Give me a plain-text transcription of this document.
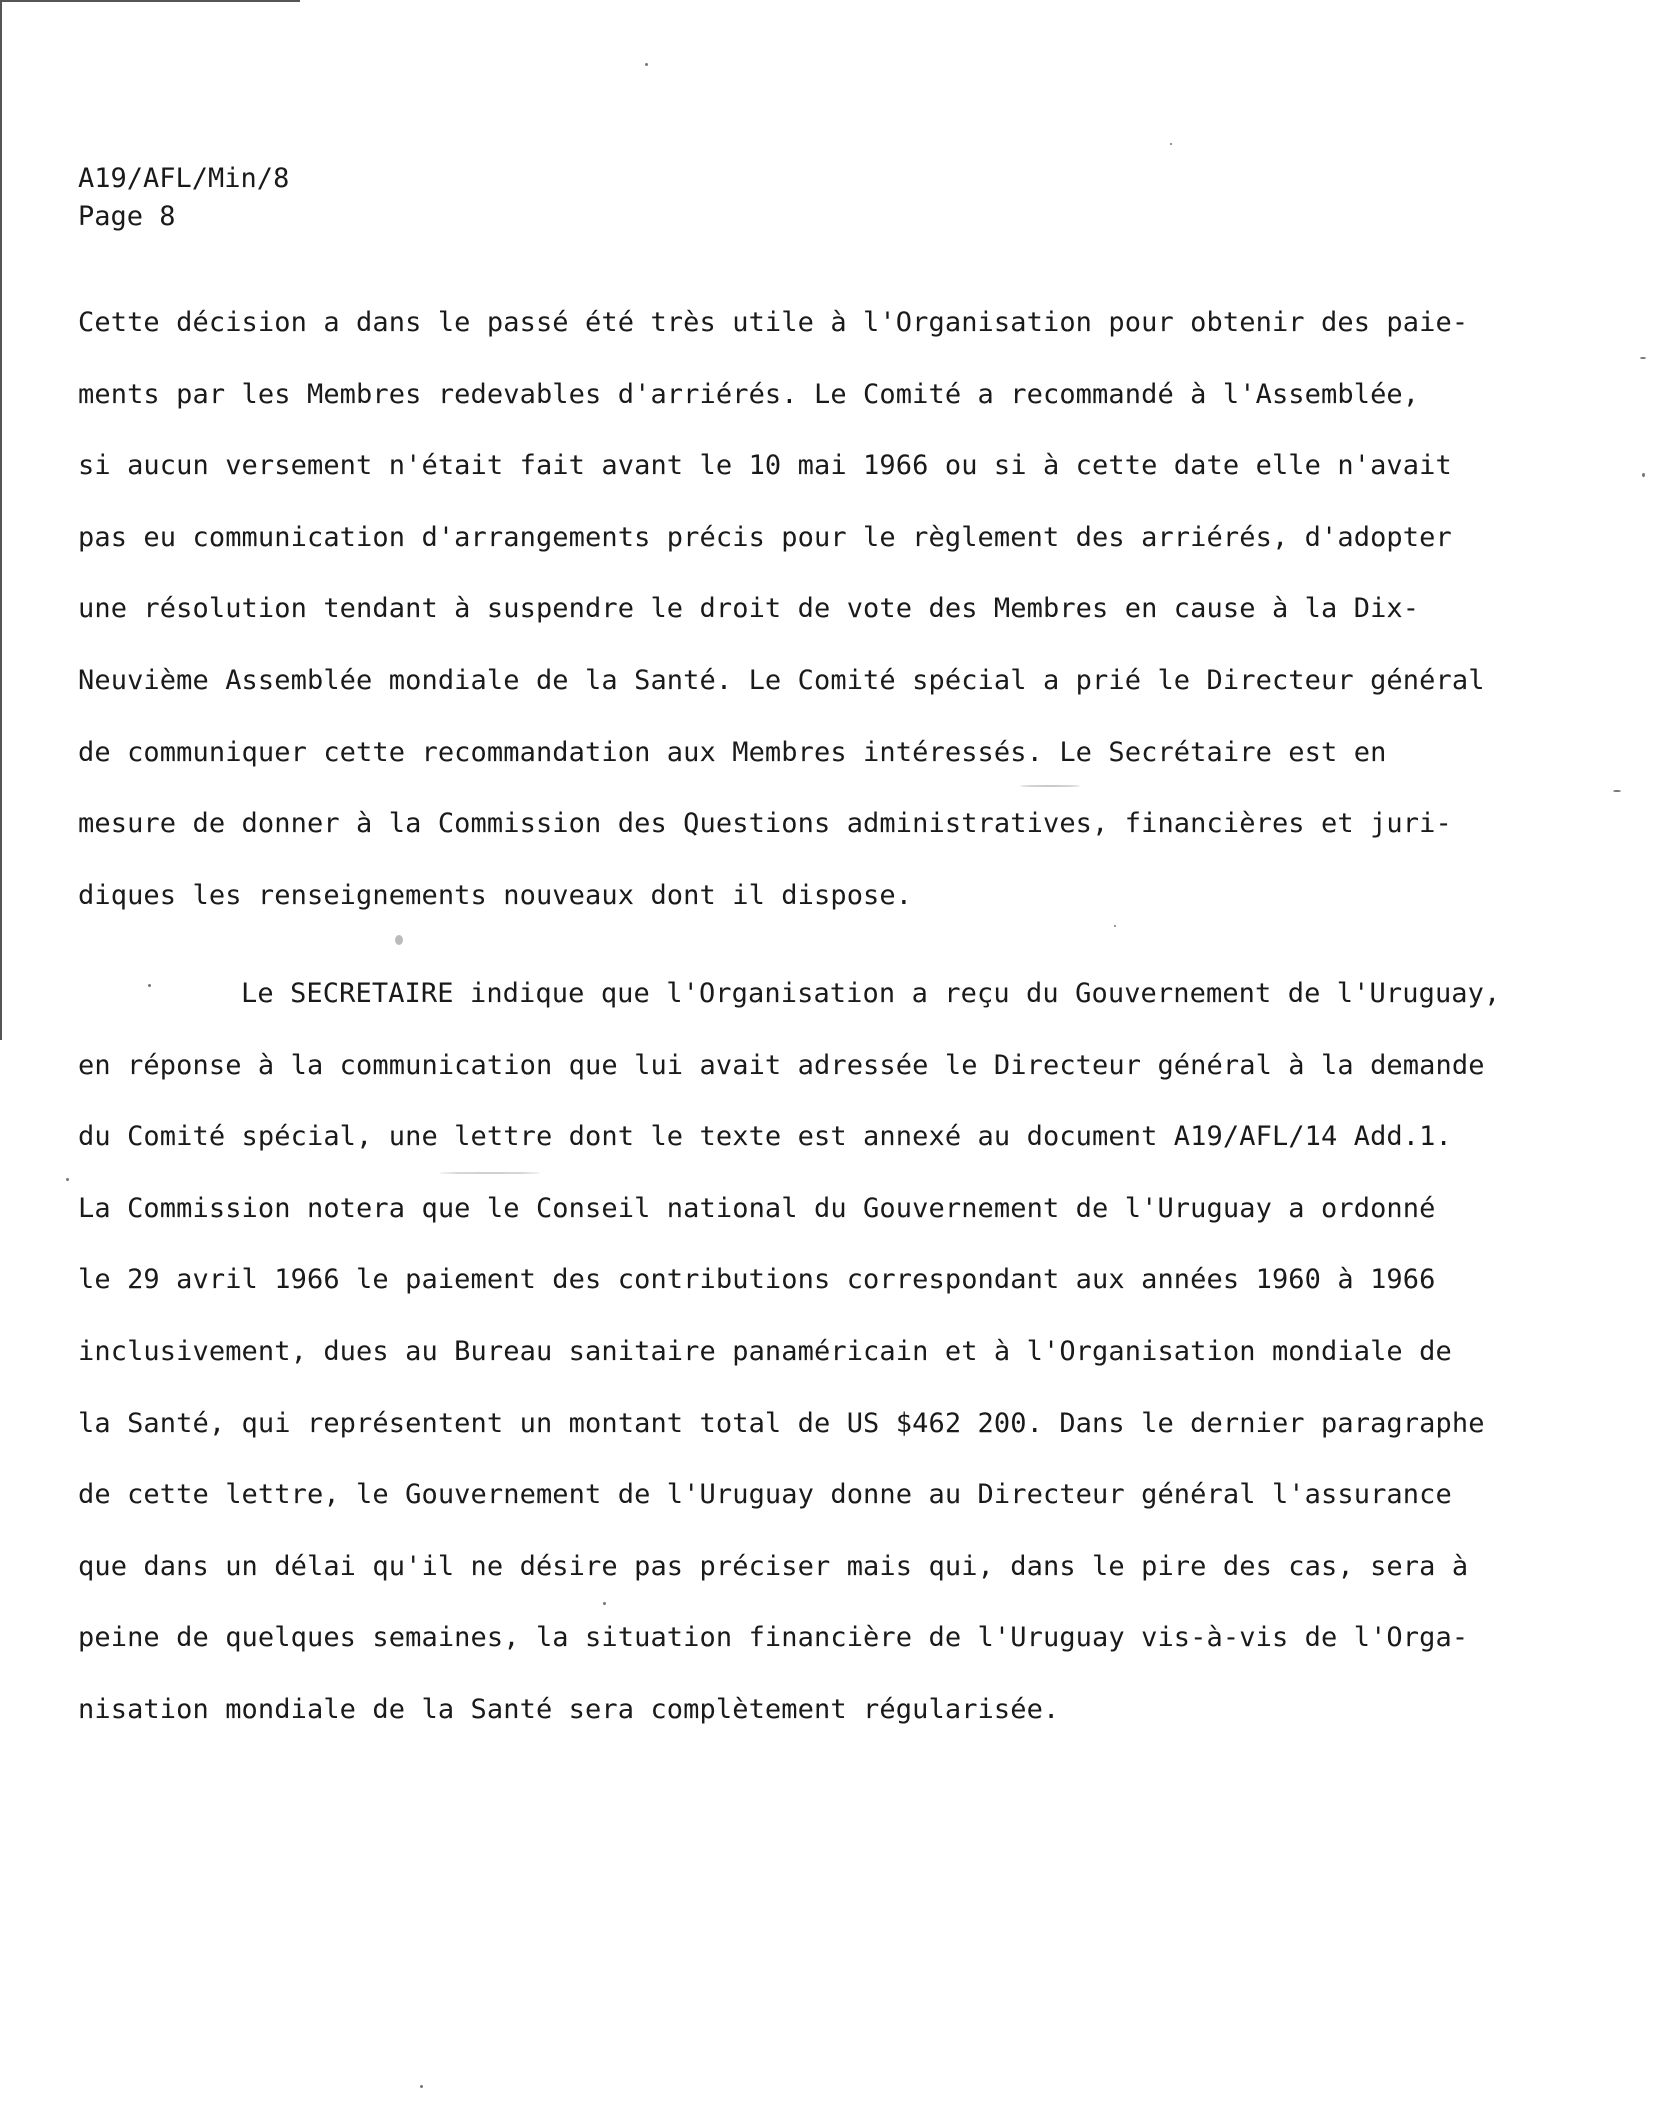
A19/AFL/Min/8
Page 8

Cette décision a dans le passé été très utile à l'Organisation pour obtenir des paie-
ments par les Membres redevables d'arriérés. Le Comité a recommandé à l'Assemblée,
si aucun versement n'était fait avant le 10 mai 1966 ou si à cette date elle n'avait
pas eu communication d'arrangements précis pour le règlement des arriérés, d'adopter
une résolution tendant à suspendre le droit de vote des Membres en cause à la Dix-
Neuvième Assemblée mondiale de la Santé. Le Comité spécial a prié le Directeur général
de communiquer cette recommandation aux Membres intéressés. Le Secrétaire est en
mesure de donner à la Commission des Questions administratives, financières et juri-
diques les renseignements nouveaux dont il dispose.

Le SECRETAIRE indique que l'Organisation a reçu du Gouvernement de l'Uruguay,
en réponse à la communication que lui avait adressée le Directeur général à la demande
du Comité spécial, une lettre dont le texte est annexé au document A19/AFL/14 Add.1.
La Commission notera que le Conseil national du Gouvernement de l'Uruguay a ordonné
le 29 avril 1966 le paiement des contributions correspondant aux années 1960 à 1966
inclusivement, dues au Bureau sanitaire panaméricain et à l'Organisation mondiale de
la Santé, qui représentent un montant total de US $462 200. Dans le dernier paragraphe
de cette lettre, le Gouvernement de l'Uruguay donne au Directeur général l'assurance
que dans un délai qu'il ne désire pas préciser mais qui, dans le pire des cas, sera à
peine de quelques semaines, la situation financière de l'Uruguay vis-à-vis de l'Orga-
nisation mondiale de la Santé sera complètement régularisée.
